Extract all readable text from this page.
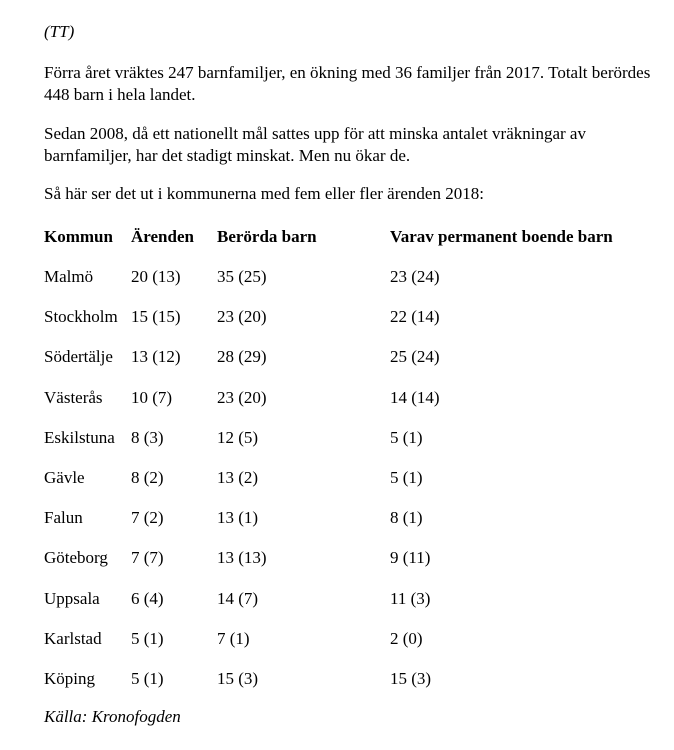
(TT)

Förra året vräktes 247 barnfamiljer, en ökning med 36 familjer från 2017. Totalt berördes 448 barn i hela landet.

Sedan 2008, då ett nationellt mål sattes upp för att minska antalet vräkningar av barnfamiljer, har det stadigt minskat. Men nu ökar de.

Så här ser det ut i kommunerna med fem eller fler ärenden 2018:

Kommun	Ärenden	Berörda barn	Varav permanent boende barn
Malmö	20 (13)	35 (25)	23 (24)
Stockholm	15 (15)	23 (20)	22 (14)
Södertälje	13 (12)	28 (29)	25 (24)
Västerås	10 (7)	23 (20)	14 (14)
Eskilstuna	8 (3)	12 (5)	5 (1)
Gävle	8 (2)	13 (2)	5 (1)
Falun	7 (2)	13 (1)	8 (1)
Göteborg	7 (7)	13 (13)	9 (11)
Uppsala	6 (4)	14 (7)	11 (3)
Karlstad	5 (1)	7 (1)	2 (0)
Köping	5 (1)	15 (3)	15 (3)

Källa: Kronofogden
